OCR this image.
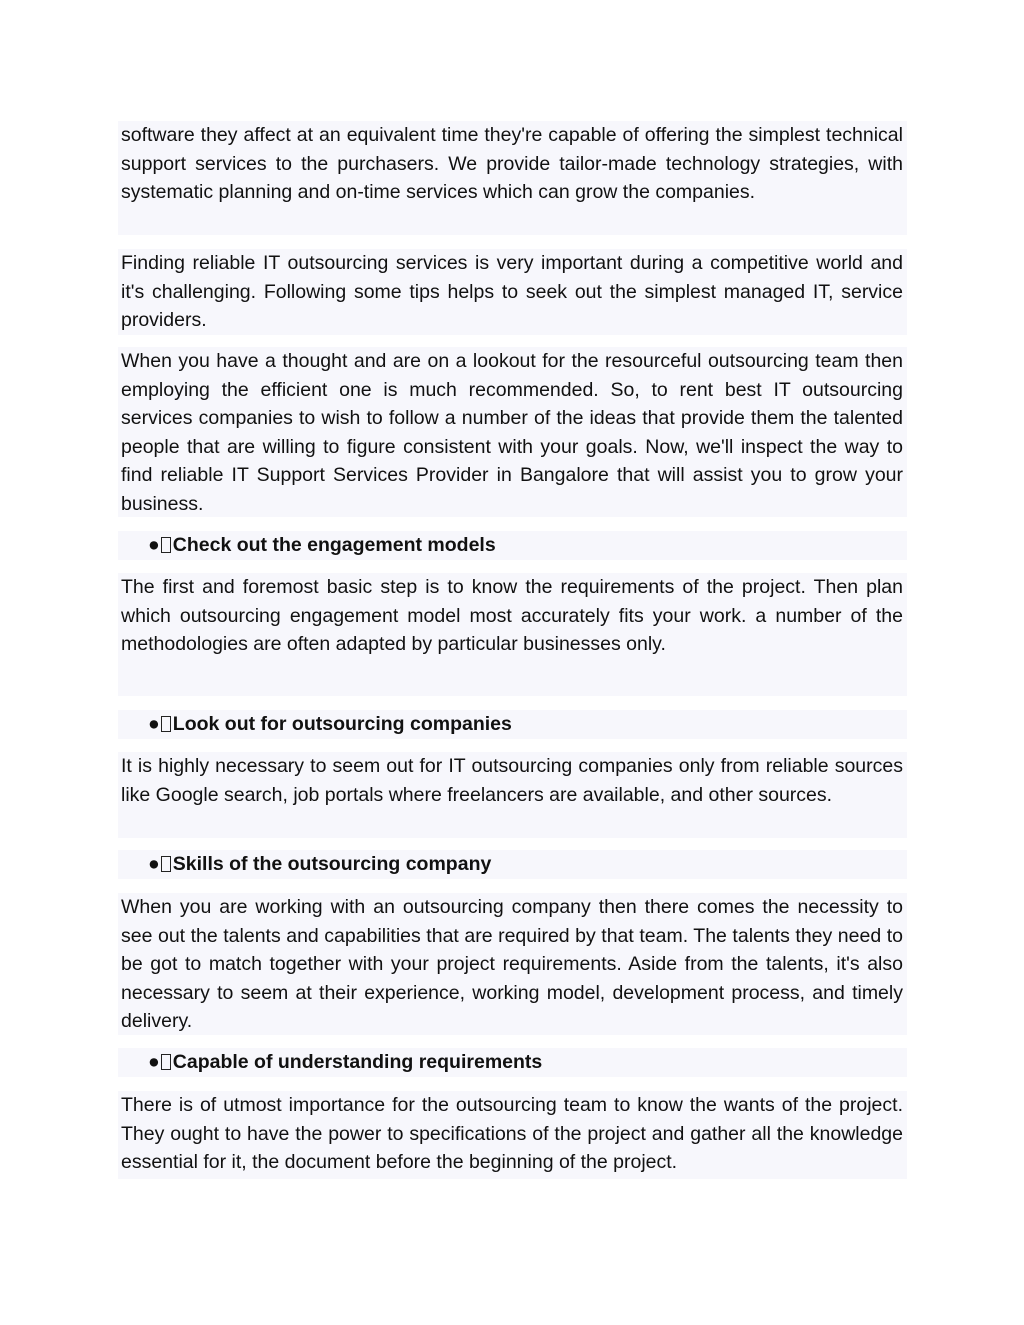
software they affect at an equivalent time they're capable of offering the simplest technical support services to the purchasers. We provide tailor-made technology strategies, with systematic planning and on-time services which can grow the companies.
Finding reliable IT outsourcing services is very important during a competitive world and it's challenging. Following some tips helps to seek out the simplest managed IT, service providers.
When you have a thought and are on a lookout for the resourceful outsourcing team then employing the efficient one is much recommended. So, to rent best IT outsourcing services companies to wish to follow a number of the ideas that provide them the talented people that are willing to figure consistent with your goals. Now, we'll inspect the way to find reliable IT Support Services Provider in Bangalore that will assist you to grow your business.
● Check out the engagement models
The first and foremost basic step is to know the requirements of the project. Then plan which outsourcing engagement model most accurately fits your work. a number of the methodologies are often adapted by particular businesses only.
● Look out for outsourcing companies
It is highly necessary to seem out for IT outsourcing companies only from reliable sources like Google search, job portals where freelancers are available, and other sources.
● Skills of the outsourcing company
When you are working with an outsourcing company then there comes the necessity to see out the talents and capabilities that are required by that team. The talents they need to be got to match together with your project requirements. Aside from the talents, it's also necessary to seem at their experience, working model, development process, and timely delivery.
● Capable of understanding requirements
There is of utmost importance for the outsourcing team to know the wants of the project. They ought to have the power to specifications of the project and gather all the knowledge essential for it, the document before the beginning of the project.
